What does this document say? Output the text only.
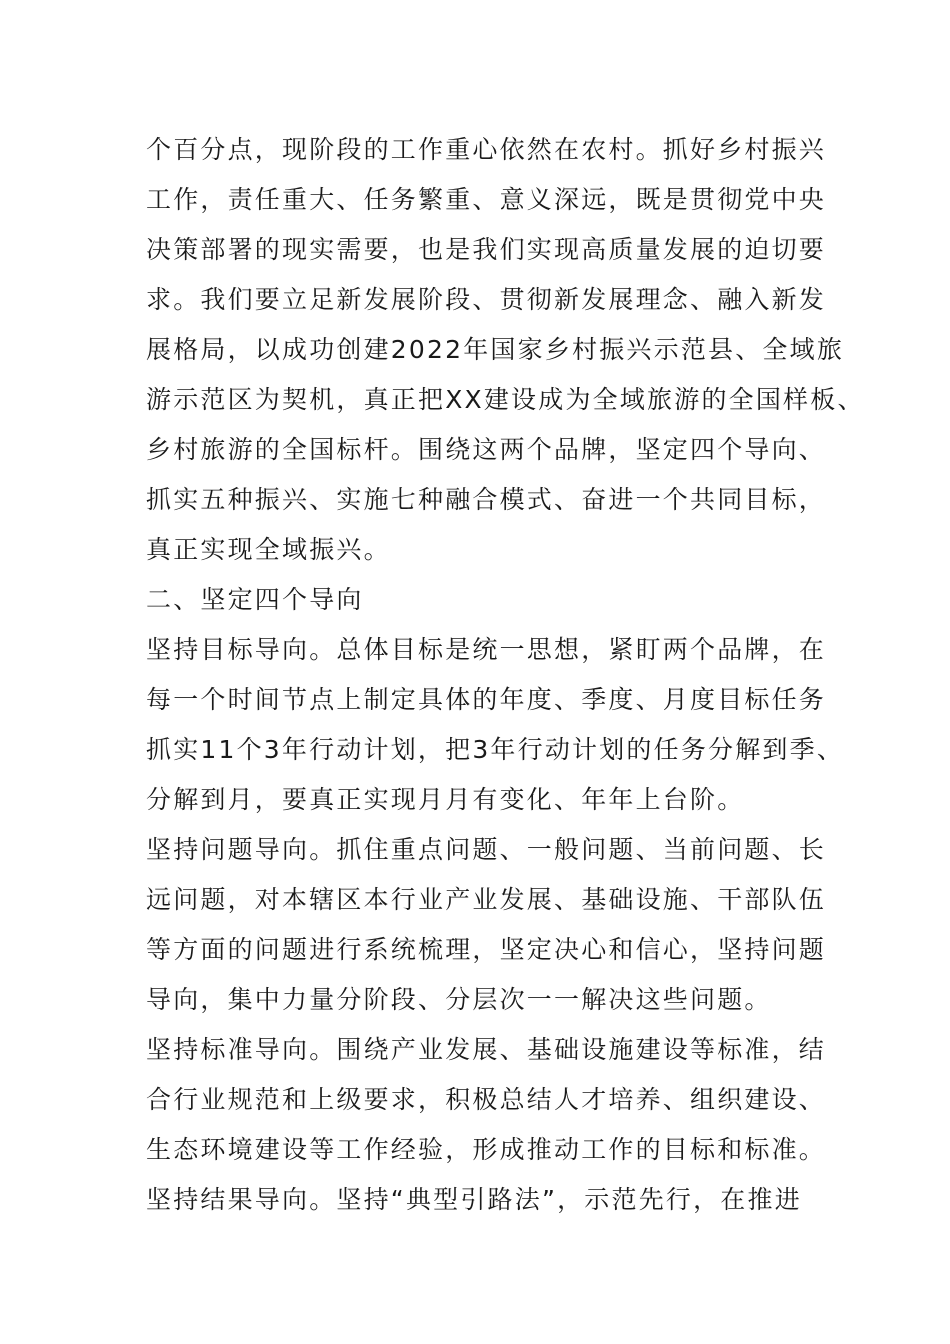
个百分点，现阶段的工作重心依然在农村。抓好乡村振兴
工作，责任重大、任务繁重、意义深远，既是贯彻党中央
决策部署的现实需要，也是我们实现高质量发展的迫切要
求。我们要立足新发展阶段、贯彻新发展理念、融入新发
展格局，以成功创建2022年国家乡村振兴示范县、全域旅
游示范区为契机，真正把XX建设成为全域旅游的全国样板、
乡村旅游的全国标杆。围绕这两个品牌，坚定四个导向、
抓实五种振兴、实施七种融合模式、奋进一个共同目标，
真正实现全域振兴。
二、坚定四个导向
坚持目标导向。总体目标是统一思想，紧盯两个品牌，在
每一个时间节点上制定具体的年度、季度、月度目标任务
抓实11个3年行动计划，把3年行动计划的任务分解到季、
分解到月，要真正实现月月有变化、年年上台阶。
坚持问题导向。抓住重点问题、一般问题、当前问题、长
远问题，对本辖区本行业产业发展、基础设施、干部队伍
等方面的问题进行系统梳理，坚定决心和信心，坚持问题
导向，集中力量分阶段、分层次一一解决这些问题。
坚持标准导向。围绕产业发展、基础设施建设等标准，结
合行业规范和上级要求，积极总结人才培养、组织建设、
生态环境建设等工作经验，形成推动工作的目标和标准。
坚持结果导向。坚持“典型引路法”，示范先行，在推进
